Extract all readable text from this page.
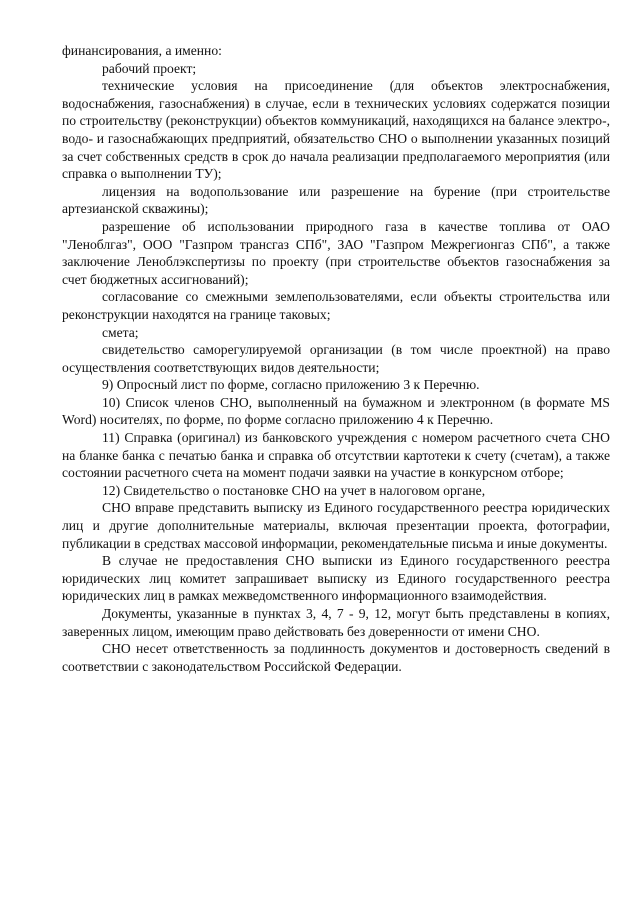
финансирования, а именно:

рабочий проект;

технические условия на присоединение (для объектов электроснабжения, водоснабжения, газоснабжения) в случае, если в технических условиях содержатся позиции по строительству (реконструкции) объектов коммуникаций, находящихся на балансе электро-, водо- и газоснабжающих предприятий, обязательство СНО о выполнении указанных позиций за счет собственных средств в срок до начала реализации предполагаемого мероприятия (или справка о выполнении ТУ);

лицензия на водопользование или разрешение на бурение (при строительстве артезианской скважины);

разрешение об использовании природного газа в качестве топлива от ОАО "Леноблгаз", ООО "Газпром трансгаз СПб", ЗАО "Газпром Межрегионгаз СПб", а также заключение Леноблэкспертизы по проекту (при строительстве объектов газоснабжения за счет бюджетных ассигнований);

согласование со смежными землепользователями, если объекты строительства или реконструкции находятся на границе таковых;

смета;

свидетельство саморегулируемой организации (в том числе проектной) на право осуществления соответствующих видов деятельности;

9) Опросный лист по форме, согласно приложению 3 к Перечню.

10) Список членов СНО, выполненный на бумажном и электронном (в формате MS Word) носителях, по форме, по форме согласно приложению 4 к Перечню.

11) Справка (оригинал) из банковского учреждения с номером расчетного счета СНО на бланке банка с печатью банка и справка об отсутствии картотеки к счету (счетам), а также состоянии расчетного счета на момент подачи заявки на участие в конкурсном отборе;

12) Свидетельство о постановке СНО на учет в налоговом органе,

СНО вправе представить выписку из Единого государственного реестра юридических лиц и другие дополнительные материалы, включая презентации проекта, фотографии, публикации в средствах массовой информации, рекомендательные письма и иные документы.

В случае не предоставления СНО выписки из Единого государственного реестра юридических лиц комитет запрашивает выписку из Единого государственного реестра юридических лиц в рамках межведомственного информационного взаимодействия.

Документы, указанные в пунктах 3, 4, 7 - 9, 12, могут быть представлены в копиях, заверенных лицом, имеющим право действовать без доверенности от имени СНО.

СНО несет ответственность за подлинность документов и достоверность сведений в соответствии с законодательством Российской Федерации.
